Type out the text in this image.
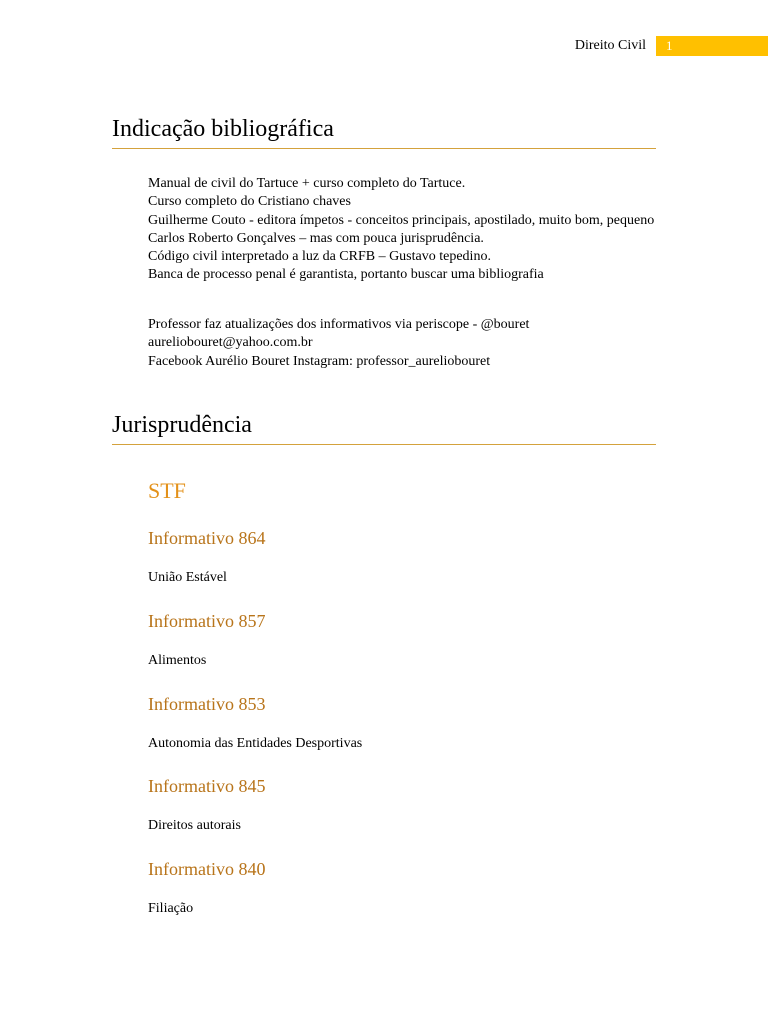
Direito Civil	1
Indicação bibliográfica

Manual de civil do Tartuce + curso completo do Tartuce.

Curso completo do Cristiano chaves

Guilherme Couto - editora ímpetos - conceitos principais, apostilado, muito bom, pequeno

Carlos Roberto Gonçalves – mas com pouca jurisprudência.

Código civil interpretado a luz da CRFB – Gustavo tepedino.

Banca de processo penal é garantista, portanto buscar uma bibliografia

Professor faz atualizações dos informativos via periscope - @bouret

aureliobouret@yahoo.com.br

Facebook Aurélio Bouret Instagram: professor_aureliobouret

Jurisprudência
STF
Informativo 864

União Estável

Informativo 857

Alimentos

Informativo 853

Autonomia das Entidades Desportivas

Informativo 845

Direitos autorais

Informativo 840

Filiação
